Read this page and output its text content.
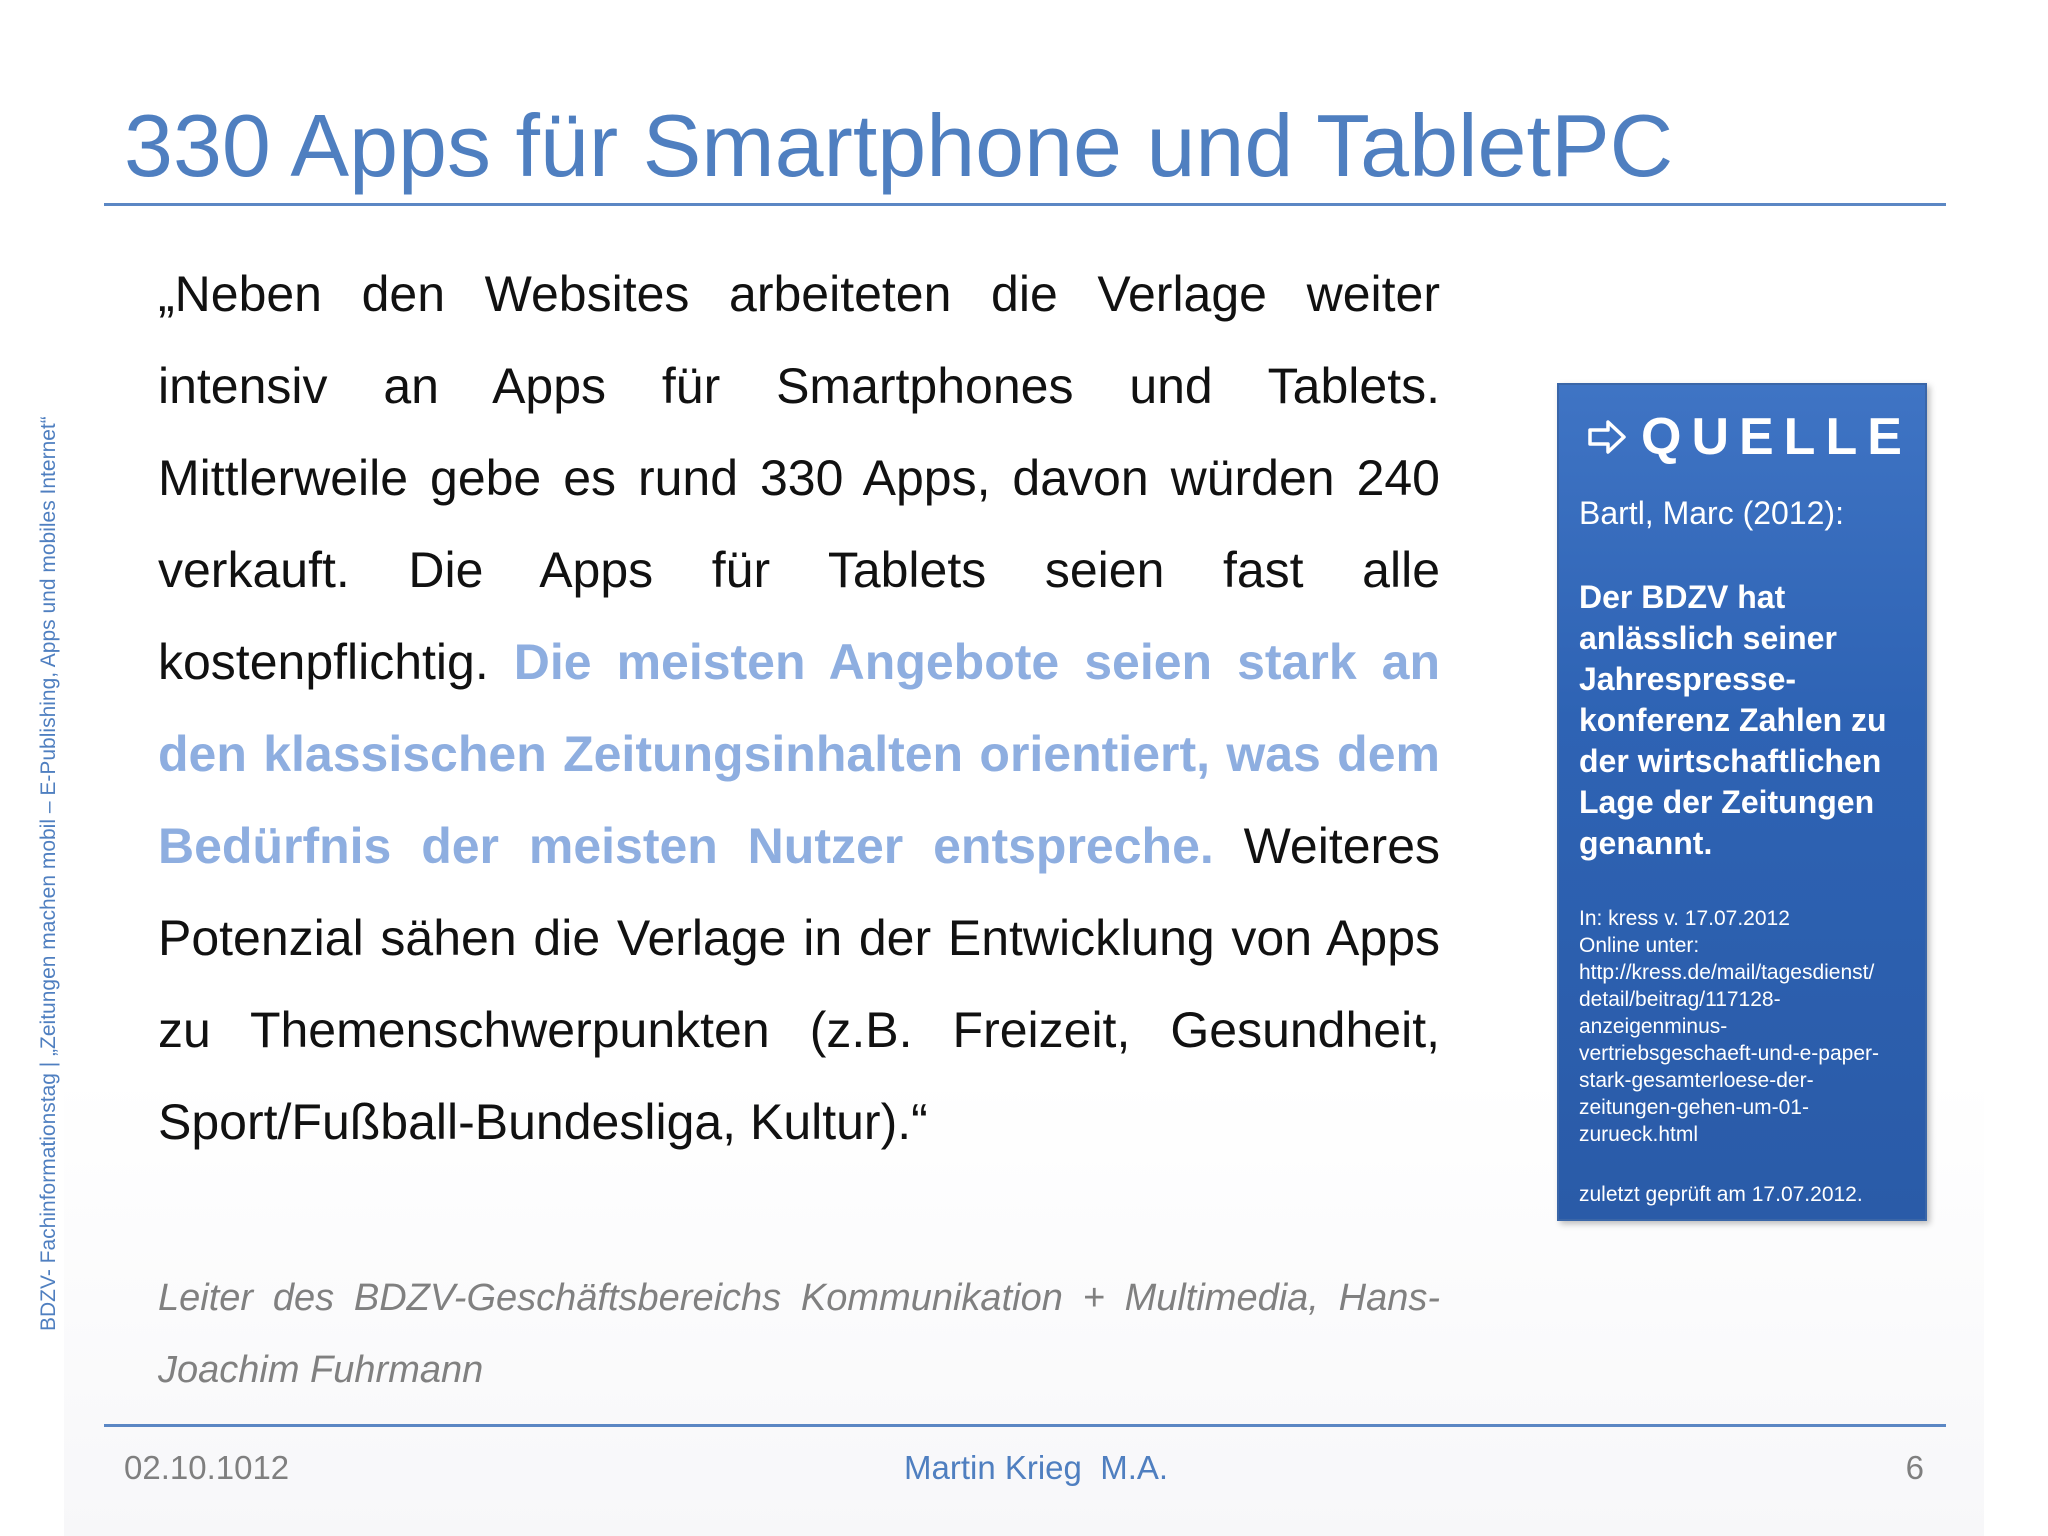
330 Apps für Smartphone und TabletPC
BDZV- Fachinformationstag | „Zeitungen machen mobil – E-Publishing, Apps und mobiles Internet“
„Neben den Websites arbeiteten die Verlage weiter intensiv an Apps für Smartphones und Tablets. Mittlerweile gebe es rund 330 Apps, davon würden 240 verkauft. Die Apps für Tablets seien fast alle kostenpflichtig. Die meisten Angebote seien stark an den klassischen Zeitungsinhalten orientiert, was dem Bedürfnis der meisten Nutzer entspreche. Weiteres Potenzial sähen die Verlage in der Entwicklung von Apps zu Themenschwerpunkten (z.B. Freizeit, Gesundheit, Sport/Fußball-Bundesliga, Kultur).“
Leiter des BDZV-Geschäftsbereichs Kommunikation + Multimedia, Hans-Joachim Fuhrmann
QUELLE
Bartl, Marc (2012):
Der BDZV hat anlässlich seiner Jahrespresse-konferenz Zahlen zu der wirtschaftlichen Lage der Zeitungen genannt.
In: kress v. 17.07.2012
Online unter:
http://kress.de/mail/tagesdienst/
detail/beitrag/117128-
anzeigenminus-
vertriebsgeschaeft-und-e-paper-
stark-gesamterloese-der-
zeitungen-gehen-um-01-
zurueck.html
zuletzt geprüft am 17.07.2012.
02.10.1012	Martin Krieg  M.A.	6
